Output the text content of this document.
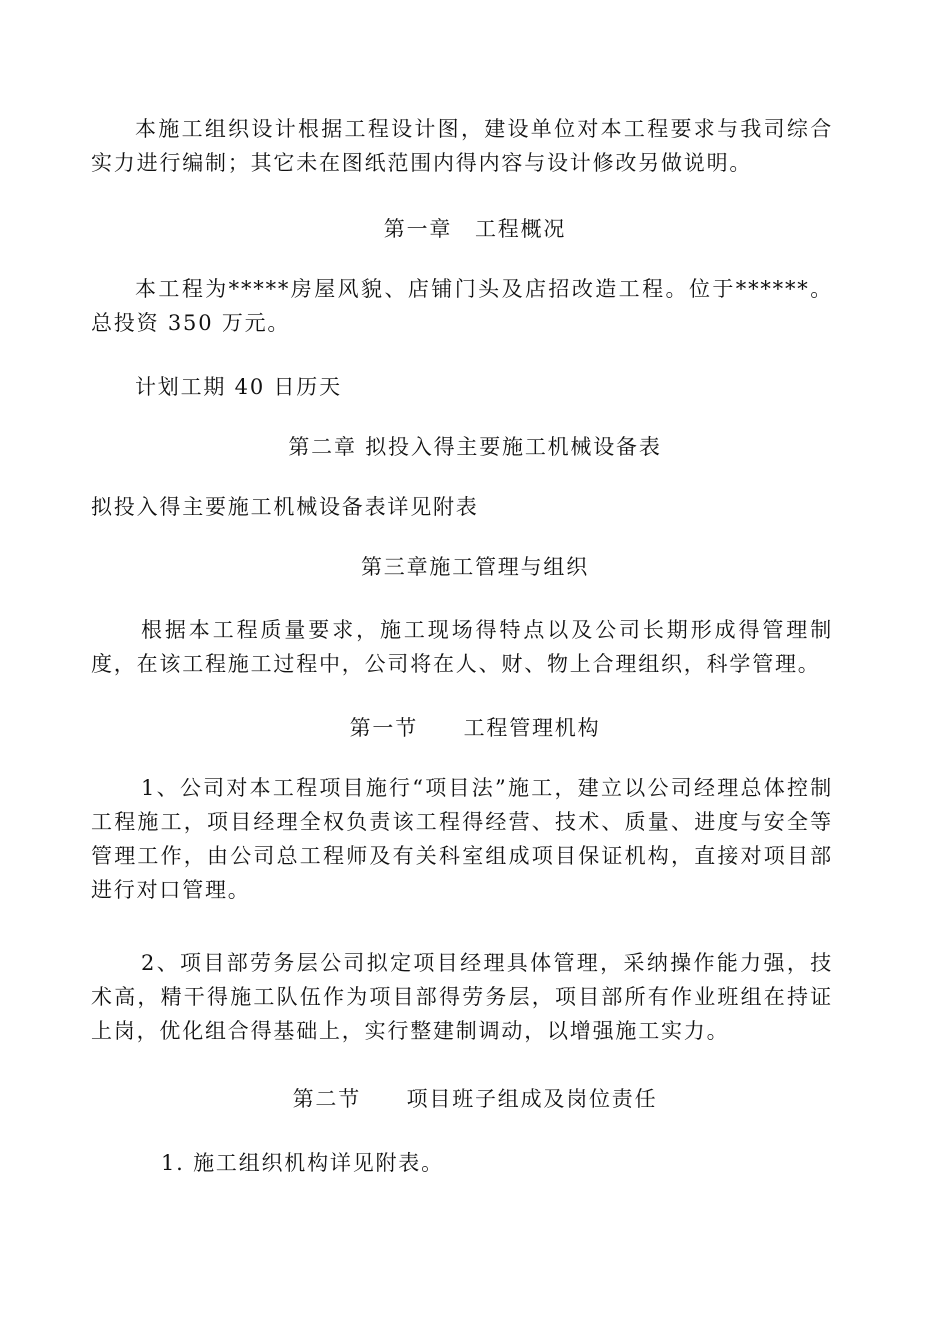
本施工组织设计根据工程设计图，建设单位对本工程要求与我司综合实力进行编制；其它未在图纸范围内得内容与设计修改另做说明。

第一章　工程概况

本工程为*****房屋风貌、店铺门头及店招改造工程。位于******。总投资 350 万元。

计划工期 40 日历天

第二章 拟投入得主要施工机械设备表

拟投入得主要施工机械设备表详见附表

第三章施工管理与组织

根据本工程质量要求，施工现场得特点以及公司长期形成得管理制度，在该工程施工过程中，公司将在人、财、物上合理组织，科学管理。

第一节　　工程管理机构

1、公司对本工程项目施行“项目法”施工，建立以公司经理总体控制工程施工，项目经理全权负责该工程得经营、技术、质量、进度与安全等管理工作，由公司总工程师及有关科室组成项目保证机构，直接对项目部进行对口管理。

2、项目部劳务层公司拟定项目经理具体管理，采纳操作能力强，技术高，精干得施工队伍作为项目部得劳务层，项目部所有作业班组在持证上岗，优化组合得基础上，实行整建制调动，以增强施工实力。

第二节　　项目班子组成及岗位责任

1. 施工组织机构详见附表。
